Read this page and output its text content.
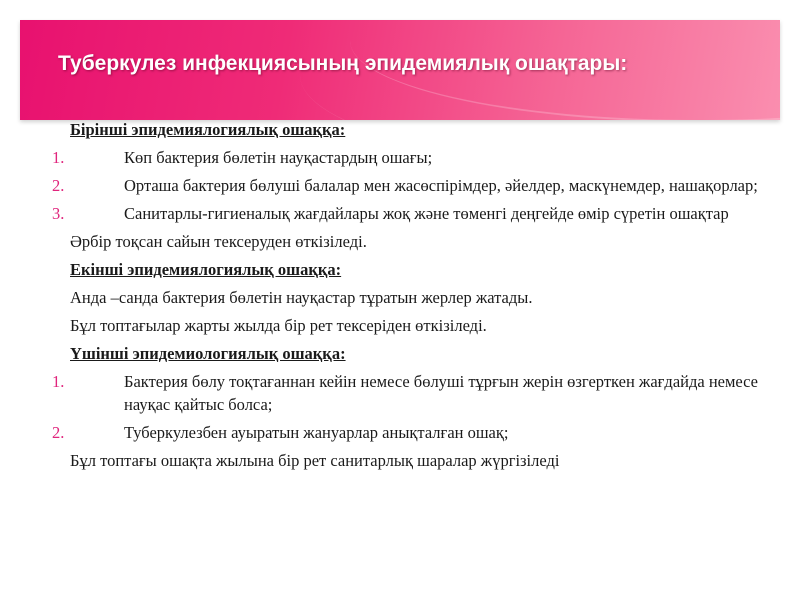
Туберкулез инфекциясының эпидемиялық ошақтары:
Бірінші эпидемиялогиялық ошаққа:
1.	Көп бактерия бөлетін науқастардың ошағы;
2.	Орташа бактерия бөлуші балалар мен жасөспірімдер, әйелдер, маскүнемдер, нашақорлар;
3.	Санитарлы-гигиеналық жағдайлары жоқ және төменгі деңгейде өмір сүретін ошақтар
Әрбір тоқсан сайын тексеруден өткізіледі.
Екінші эпидемиялогиялық ошаққа:
Анда –санда бактерия бөлетін науқастар тұратын жерлер жатады.
Бұл топтағылар жарты жылда бір рет тексеріден өткізіледі.
Үшінші эпидемиологиялық ошаққа:
1.	Бактерия бөлу тоқтағаннан кейін немесе бөлуші тұрғын жерін өзгерткен жағдайда немесе науқас қайтыс болса;
2.	Туберкулезбен ауыратын жануарлар анықталған ошақ;
Бұл топтағы ошақта жылына бір рет санитарлық шаралар жүргізіледі
